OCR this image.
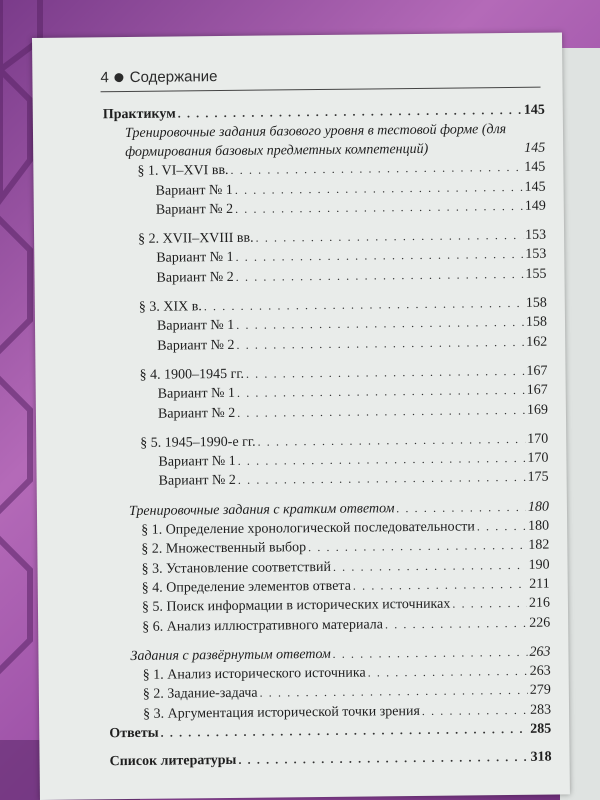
4 Содержание
Практикум . . .	145
Тренировочные задания базового уровня в тестовой форме (для формирования базовых предметных компетенций) . . .	145
§ 1. VI–XVI вв. . . .	145
Вариант № 1 . . .	145
Вариант № 2 . . .	149
§ 2. XVII–XVIII вв. . . .	153
Вариант № 1 . . .	153
Вариант № 2 . . .	155
§ 3. XIX в. . . .	158
Вариант № 1 . . .	158
Вариант № 2 . . .	162
§ 4. 1900–1945 гг. . . .	167
Вариант № 1 . . .	167
Вариант № 2 . . .	169
§ 5. 1945–1990-е гг. . . .	170
Вариант № 1 . . .	170
Вариант № 2 . . .	175
Тренировочные задания с кратким ответом . . .	180
§ 1. Определение хронологической последовательности . . .	180
§ 2. Множественный выбор . . .	182
§ 3. Установление соответствий . . .	190
§ 4. Определение элементов ответа . . .	211
§ 5. Поиск информации в исторических источниках . . .	216
§ 6. Анализ иллюстративного материала . . .	226
Задания с развёрнутым ответом . . .	263
§ 1. Анализ исторического источника . . .	263
§ 2. Задание-задача . . .	279
§ 3. Аргументация исторической точки зрения . . .	283
Ответы . . .	285
Список литературы . . .	318
